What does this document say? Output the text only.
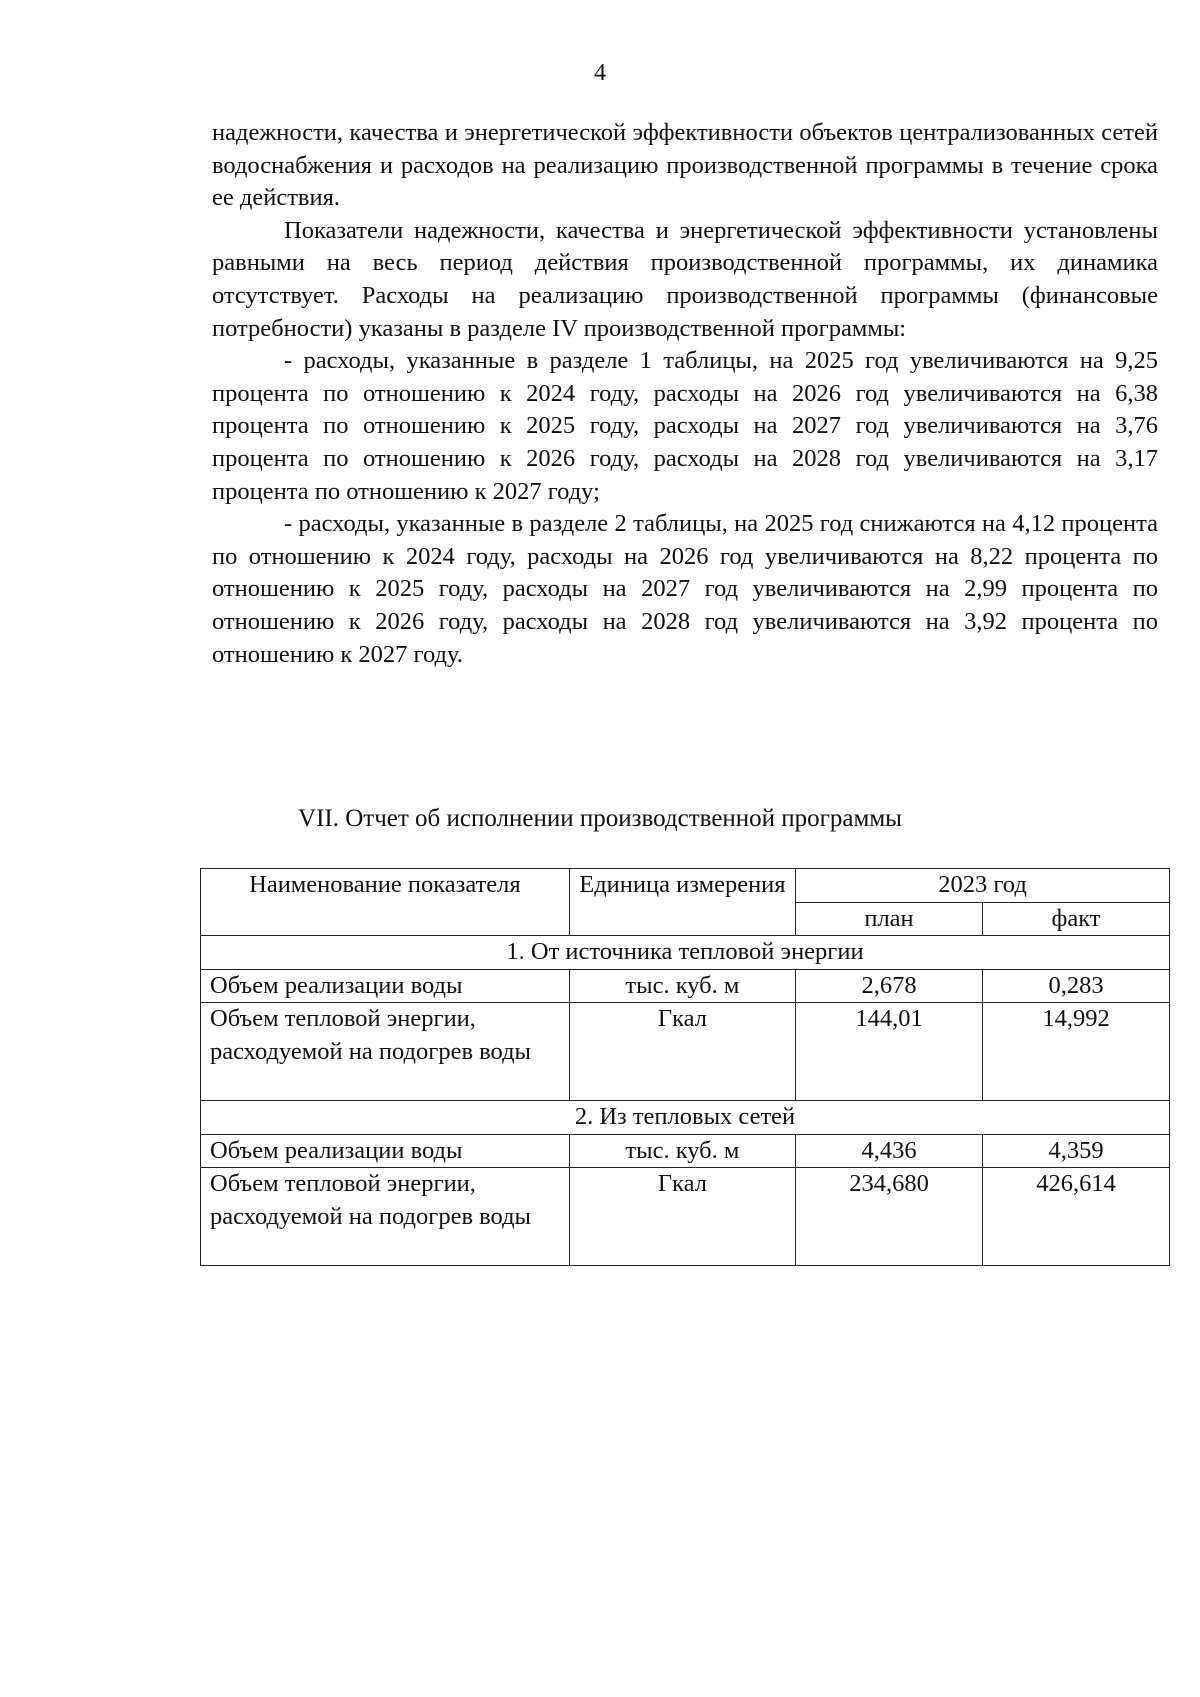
4

надежности, качества и энергетической эффективности объектов централизованных сетей водоснабжения и расходов на реализацию производственной программы в течение срока ее действия.

Показатели надежности, качества и энергетической эффективности установлены равными на весь период действия производственной программы, их динамика отсутствует. Расходы на реализацию производственной программы (финансовые потребности) указаны в разделе IV производственной программы:

- расходы, указанные в разделе 1 таблицы, на 2025 год увеличиваются на 9,25 процента по отношению к 2024 году, расходы на 2026 год увеличиваются на 6,38 процента по отношению к 2025 году, расходы на 2027 год увеличиваются на 3,76 процента по отношению к 2026 году, расходы на 2028 год увеличиваются на 3,17 процента по отношению к 2027 году;

- расходы, указанные в разделе 2 таблицы, на 2025 год снижаются на 4,12 процента по отношению к 2024 году, расходы на 2026 год увеличиваются на 8,22 процента по отношению к 2025 году, расходы на 2027 год увеличиваются на 2,99 процента по отношению к 2026 году, расходы на 2028 год увеличиваются на 3,92 процента по отношению к 2027 году.

VII. Отчет об исполнении производственной программы
Наименование показателя	Единица измерения	2023 год	
		план	факт
1. От источника тепловой энергии			
Объем реализации воды	тыс. куб. м	2,678	0,283
Объем тепловой энергии, расходуемой на подогрев воды	Гкал	144,01	14,992
2. Из тепловых сетей			
Объем реализации воды	тыс. куб. м	4,436	4,359
Объем тепловой энергии, расходуемой на подогрев воды	Гкал	234,680	426,614
